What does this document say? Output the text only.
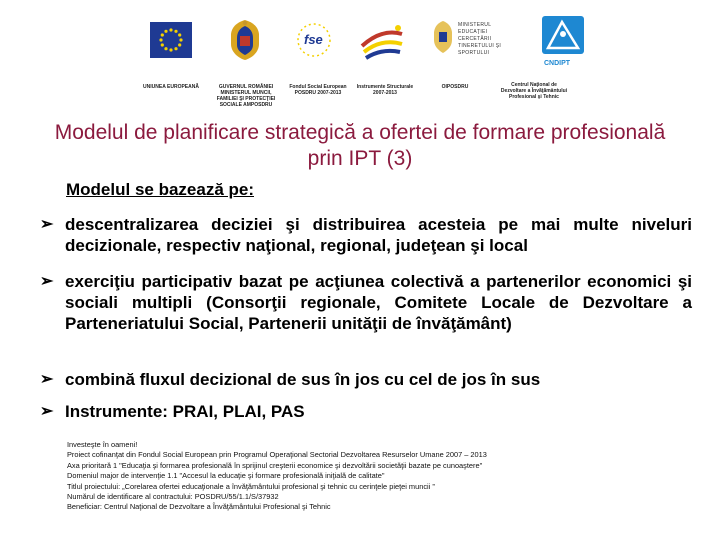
UNIUNEA EUROPEANĂ	GUVERNUL ROMÂNIEI MINISTERUL MUNCII, FAMILIEI ŞI PROTECŢIEI SOCIALE AMPOSDRU
fse
Fondul Social European POSDRU 2007-2013
Instrumente Structurale 2007-2013
OIPOSDRU
MINISTERUL EDUCAŢIEI CERCETĂRII TINERETULUI ŞI SPORTULUI
CNDIPT
Centrul Naţional de Dezvoltare a Învăţământului Profesional şi Tehnic
Modelul de planificare strategică a ofertei de formare profesională prin IPT (3)
Modelul se bazează pe:
➢ descentralizarea deciziei şi distribuirea acesteia pe mai multe niveluri decizionale, respectiv naţional, regional, judeţean şi local
➢ exerciţiu participativ bazat pe acţiunea colectivă a partenerilor economici şi sociali multipli (Consorţii regionale, Comitete Locale de Dezvoltare a Parteneriatului Social, Partenerii unităţii de învăţământ)
➢ combină fluxul decizional de sus în jos cu cel de jos în sus
➢ Instrumente: PRAI, PLAI, PAS
Investeşte în oameni!
Proiect cofinanţat din Fondul Social European prin Programul Operaţional Sectorial Dezvoltarea Resurselor Umane 2007 – 2013
Axa prioritară 1 "Educaţia şi formarea profesională în sprijinul creşterii economice şi dezvoltării societăţii bazate pe cunoaştere"
Domeniul major de intervenţie 1.1 "Accesul la educaţie şi formare profesională iniţială de calitate"
Titlul proiectului: „Corelarea ofertei educaţionale a învăţământului profesional şi tehnic cu cerinţele pieţei muncii ”
Numărul de identificare al contractului: POSDRU/55/1.1/S/37932
Beneficiar: Centrul Naţional de Dezvoltare a Învăţământului Profesional şi Tehnic
